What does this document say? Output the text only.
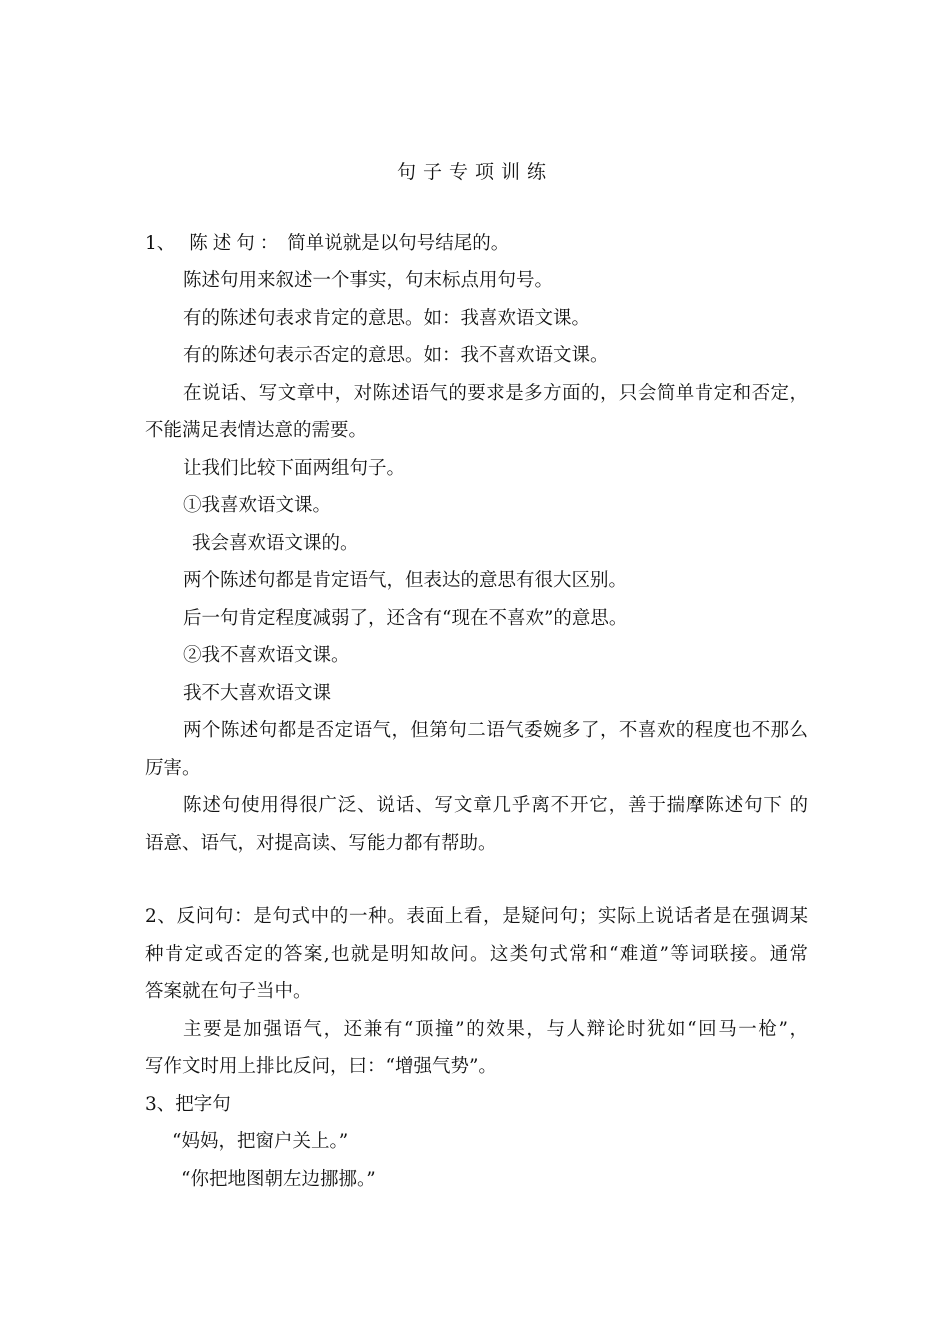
句子专项训练
1、 陈述句： 简单说就是以句号结尾的。
陈述句用来叙述一个事实，句末标点用句号。
有的陈述句表求肯定的意思。如：我喜欢语文课。
有的陈述句表示否定的意思。如：我不喜欢语文课。
在说话、写文章中，对陈述语气的要求是多方面的，只会简单肯定和否定，
不能满足表情达意的需要。
让我们比较下面两组句子。
①我喜欢语文课。
我会喜欢语文课的。
两个陈述句都是肯定语气，但表达的意思有很大区别。
后一句肯定程度减弱了，还含有“现在不喜欢”的意思。
②我不喜欢语文课。
我不大喜欢语文课
两个陈述句都是否定语气，但第句二语气委婉多了，不喜欢的程度也不那么
厉害。
陈述句使用得很广泛、说话、写文章几乎离不开它，善于揣摩陈述句下 的
语意、语气，对提高读、写能力都有帮助。
2、反问句：是句式中的一种。表面上看，是疑问句；实际上说话者是在强调某
种肯定或否定的答案,也就是明知故问。这类句式常和“难道”等词联接。通常
答案就在句子当中。
主要是加强语气，还兼有“顶撞”的效果，与人辩论时犹如“回马一枪”，
写作文时用上排比反问，曰：“增强气势”。
3、把字句
“妈妈，把窗户关上。”
“你把地图朝左边挪挪。”
